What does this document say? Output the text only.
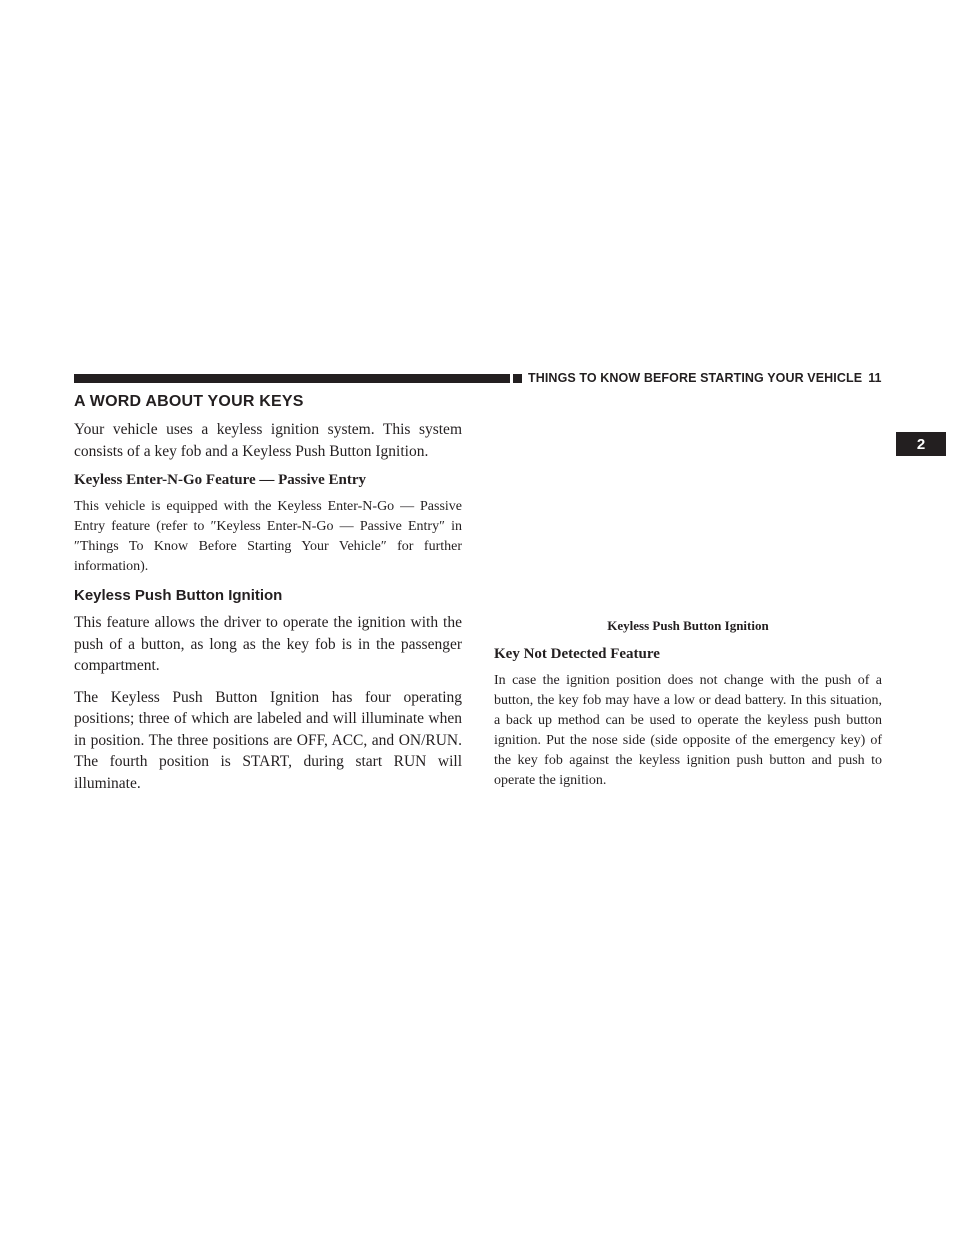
THINGS TO KNOW BEFORE STARTING YOUR VEHICLE 11
2
A WORD ABOUT YOUR KEYS

Your vehicle uses a keyless ignition system. This system consists of a key fob and a Keyless Push Button Ignition.

Keyless Enter-N-Go Feature — Passive Entry

This vehicle is equipped with the Keyless Enter-N-Go — Passive Entry feature (refer to ″Keyless Enter-N-Go — Passive Entry″ in ″Things To Know Before Starting Your Vehicle″ for further information).

Keyless Push Button Ignition

This feature allows the driver to operate the ignition with the push of a button, as long as the key fob is in the passenger compartment.

The Keyless Push Button Ignition has four operating positions; three of which are labeled and will illuminate when in position. The three positions are OFF, ACC, and ON/RUN. The fourth position is START, during start RUN will illuminate.

Keyless Push Button Ignition
Key Not Detected Feature

In case the ignition position does not change with the push of a button, the key fob may have a low or dead battery. In this situation, a back up method can be used to operate the keyless push button ignition. Put the nose side (side opposite of the emergency key) of the key fob against the keyless ignition push button and push to operate the ignition.
